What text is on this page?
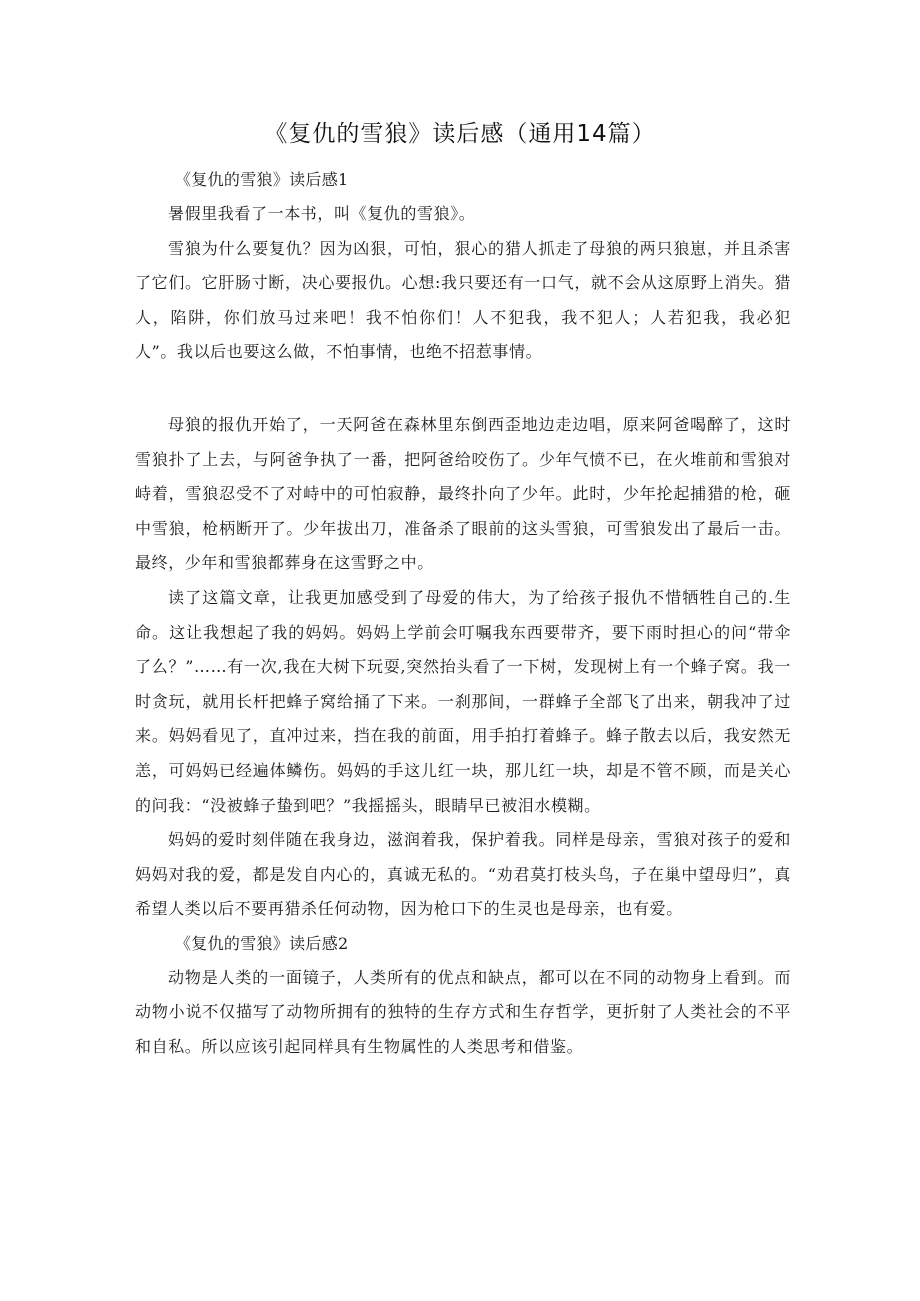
《复仇的雪狼》读后感（通用14篇）
《复仇的雪狼》读后感1

暑假里我看了一本书，叫《复仇的雪狼》。

雪狼为什么要复仇？因为凶狠，可怕，狠心的猎人抓走了母狼的两只狼崽，并且杀害了它们。它肝肠寸断，决心要报仇。心想:我只要还有一口气，就不会从这原野上消失。猎人，陷阱，你们放马过来吧！我不怕你们！人不犯我，我不犯人；人若犯我，我必犯人”。我以后也要这么做，不怕事情，也绝不招惹事情。

母狼的报仇开始了，一天阿爸在森林里东倒西歪地边走边唱，原来阿爸喝醉了，这时雪狼扑了上去，与阿爸争执了一番，把阿爸给咬伤了。少年气愤不已，在火堆前和雪狼对峙着，雪狼忍受不了对峙中的可怕寂静，最终扑向了少年。此时，少年抡起捕猎的枪，砸中雪狼，枪柄断开了。少年拔出刀，准备杀了眼前的这头雪狼，可雪狼发出了最后一击。最终，少年和雪狼都葬身在这雪野之中。

读了这篇文章，让我更加感受到了母爱的伟大，为了给孩子报仇不惜牺牲自己的.生命。这让我想起了我的妈妈。妈妈上学前会叮嘱我东西要带齐，要下雨时担心的问“带伞了么？”……有一次,我在大树下玩耍,突然抬头看了一下树，发现树上有一个蜂子窝。我一时贪玩，就用长杆把蜂子窝给捅了下来。一刹那间，一群蜂子全部飞了出来，朝我冲了过来。妈妈看见了，直冲过来，挡在我的前面，用手拍打着蜂子。蜂子散去以后，我安然无恙，可妈妈已经遍体鳞伤。妈妈的手这儿红一块，那儿红一块，却是不管不顾，而是关心的问我：“没被蜂子蛰到吧？”我摇摇头，眼睛早已被泪水模糊。

妈妈的爱时刻伴随在我身边，滋润着我，保护着我。同样是母亲，雪狼对孩子的爱和妈妈对我的爱，都是发自内心的，真诚无私的。“劝君莫打枝头鸟，子在巢中望母归”，真希望人类以后不要再猎杀任何动物，因为枪口下的生灵也是母亲，也有爱。

《复仇的雪狼》读后感2

动物是人类的一面镜子，人类所有的优点和缺点，都可以在不同的动物身上看到。而动物小说不仅描写了动物所拥有的独特的生存方式和生存哲学，更折射了人类社会的不平和自私。所以应该引起同样具有生物属性的人类思考和借鉴。
